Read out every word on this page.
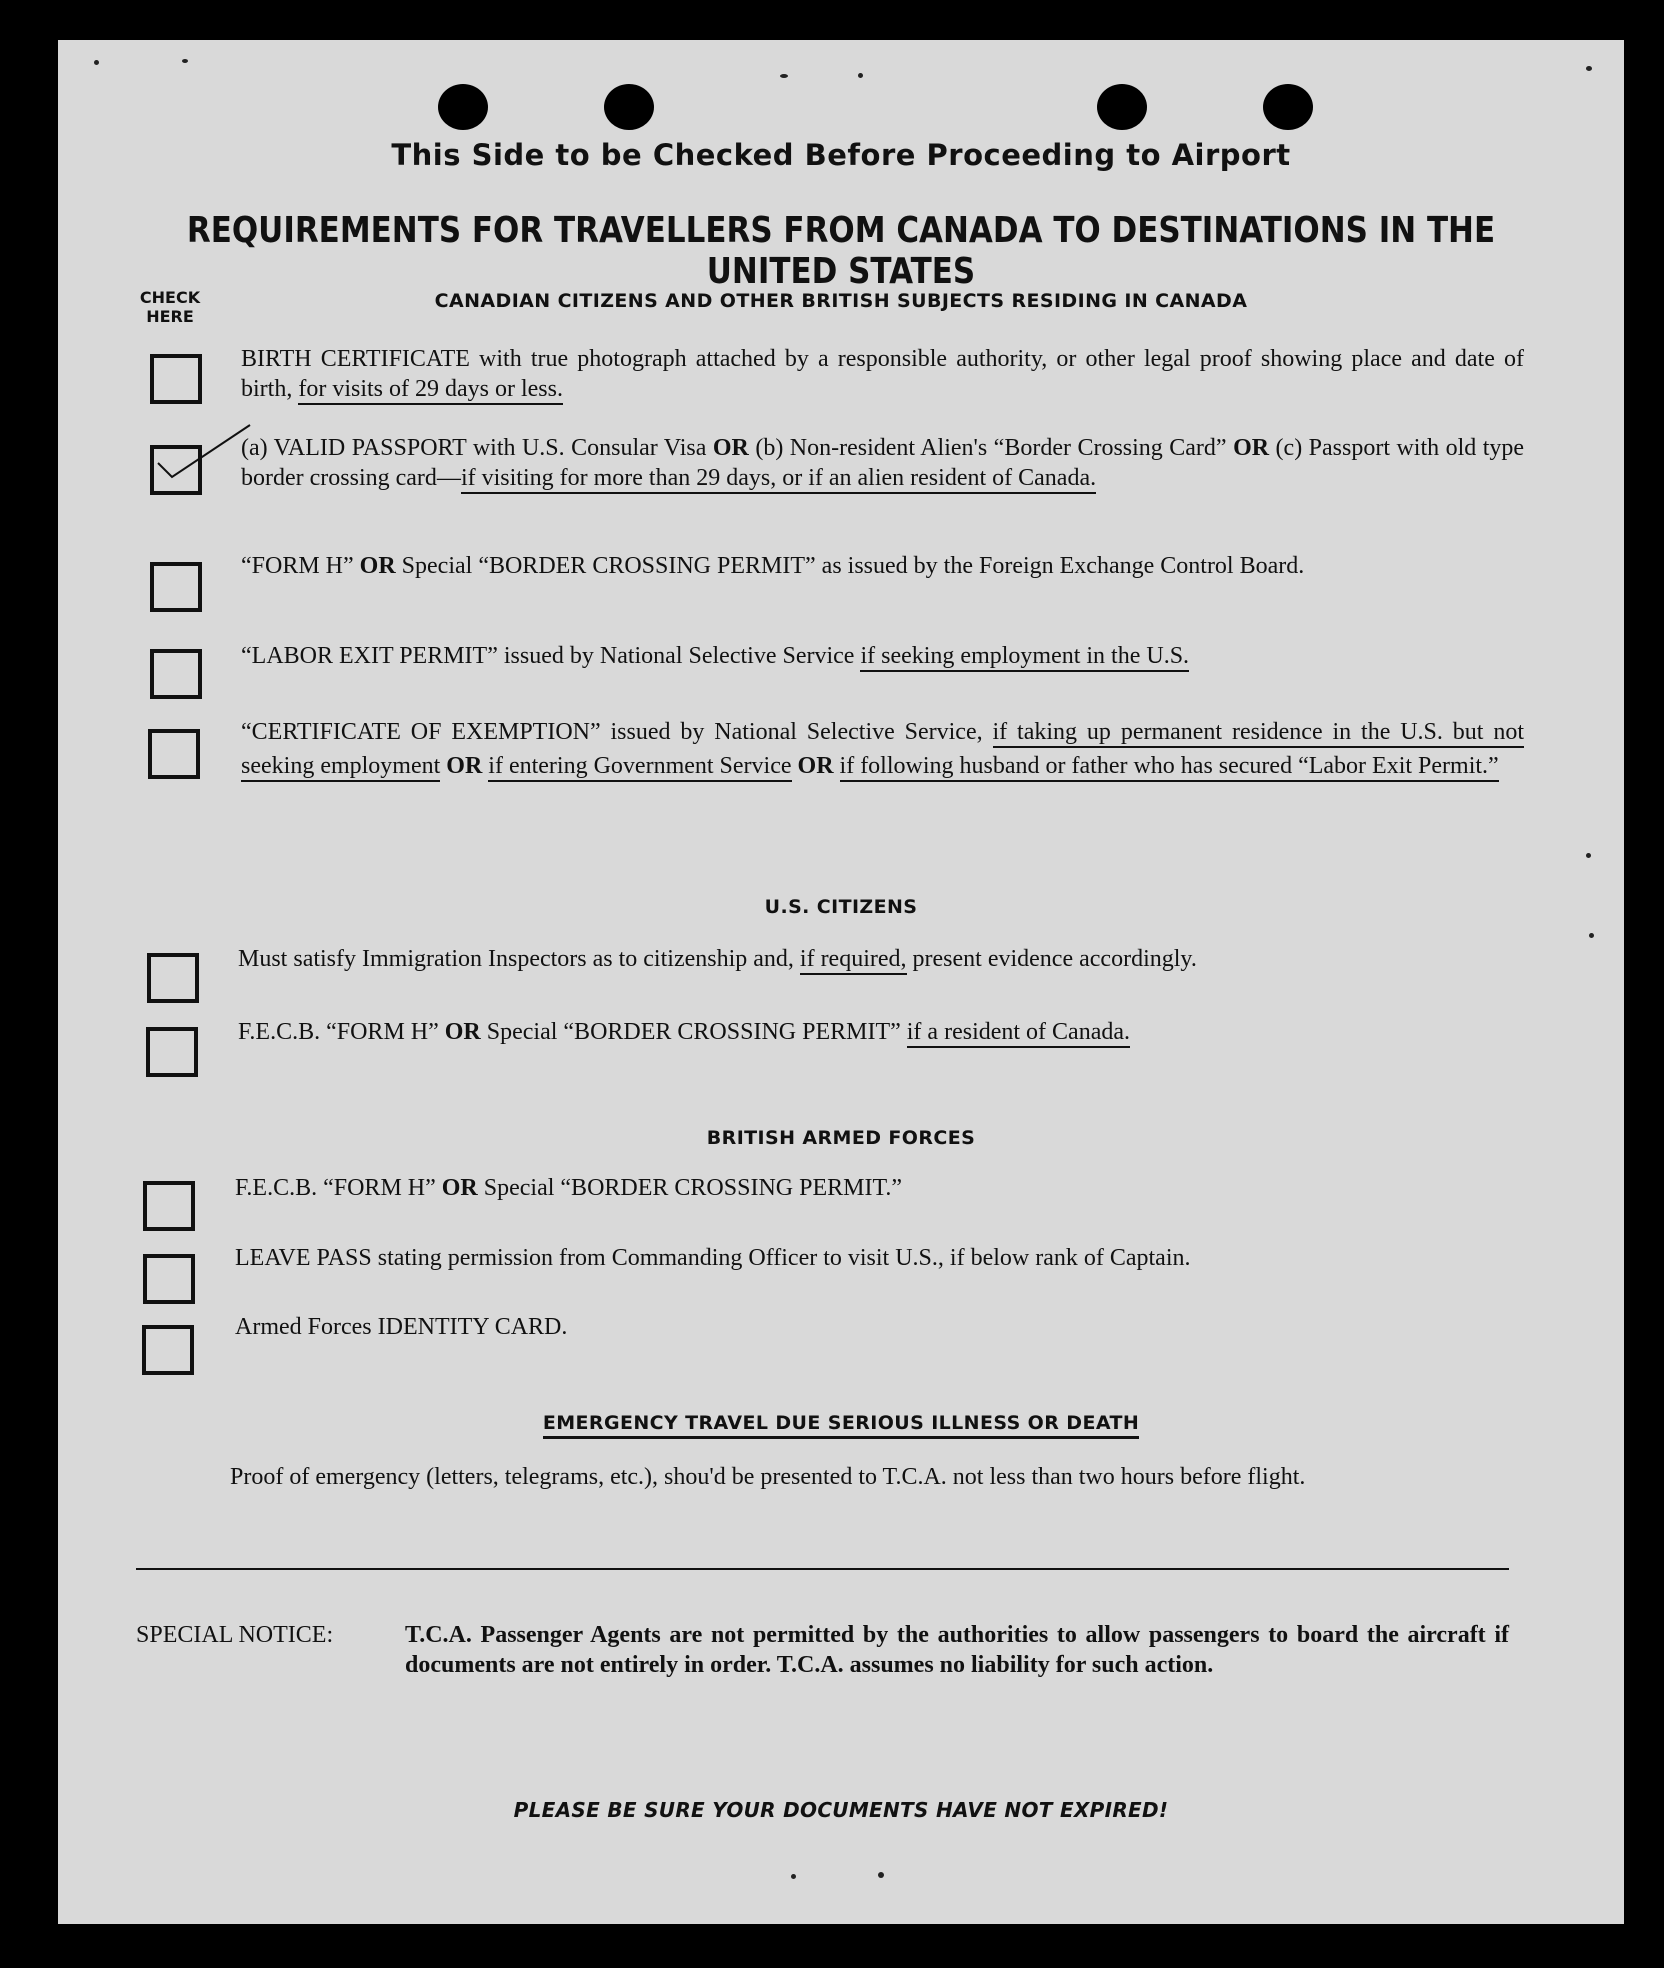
This Side to be Checked Before Proceeding to Airport
REQUIREMENTS FOR TRAVELLERS FROM CANADA TO DESTINATIONS IN THE UNITED STATES
CHECK HERE
CANADIAN CITIZENS AND OTHER BRITISH SUBJECTS RESIDING IN CANADA
BIRTH CERTIFICATE with true photograph attached by a responsible authority, or other legal proof showing place and date of birth, for visits of 29 days or less.
(a) VALID PASSPORT with U.S. Consular Visa OR (b) Non-resident Alien's “Border Crossing Card” OR (c) Passport with old type border crossing card—if visiting for more than 29 days, or if an alien resident of Canada.
“FORM H” OR Special “BORDER CROSSING PERMIT” as issued by the Foreign Exchange Control Board.
“LABOR EXIT PERMIT” issued by National Selective Service if seeking employment in the U.S.
“CERTIFICATE OF EXEMPTION” issued by National Selective Service, if taking up permanent residence in the U.S. but not seeking employment OR if entering Government Service OR if following husband or father who has secured “Labor Exit Permit.”
U.S. CITIZENS
Must satisfy Immigration Inspectors as to citizenship and, if required, present evidence accordingly.
F.E.C.B. “FORM H” OR Special “BORDER CROSSING PERMIT” if a resident of Canada.
BRITISH ARMED FORCES
F.E.C.B. “FORM H” OR Special “BORDER CROSSING PERMIT.”
LEAVE PASS stating permission from Commanding Officer to visit U.S., if below rank of Captain.
Armed Forces IDENTITY CARD.
EMERGENCY TRAVEL DUE SERIOUS ILLNESS OR DEATH
Proof of emergency (letters, telegrams, etc.), shou'd be presented to T.C.A. not less than two hours before flight.
SPECIAL NOTICE:	T.C.A. Passenger Agents are not permitted by the authorities to allow passengers to board the aircraft if documents are not entirely in order. T.C.A. assumes no liability for such action.
PLEASE BE SURE YOUR DOCUMENTS HAVE NOT EXPIRED!
